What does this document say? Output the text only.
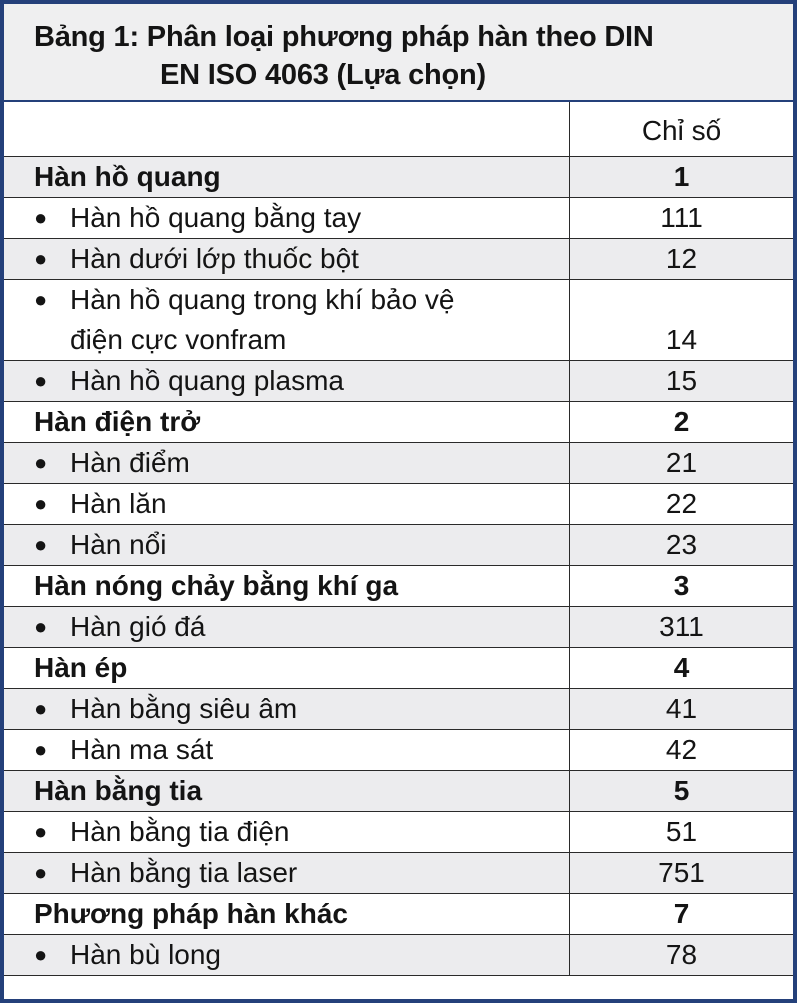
Bảng 1: Phân loại phương pháp hàn theo DIN
EN ISO 4063 (Lựa chọn)
Chỉ số
Hàn hồ quang	1
● Hàn hồ quang bằng tay	111
● Hàn dưới lớp thuốc bột	12
● Hàn hồ quang trong khí bảo vệ
điện cực vonfram	14
● Hàn hồ quang plasma	15
Hàn điện trở	2
● Hàn điểm	21
● Hàn lăn	22
● Hàn nổi	23
Hàn nóng chảy bằng khí ga	3
● Hàn gió đá	311
Hàn ép	4
● Hàn bằng siêu âm	41
● Hàn ma sát	42
Hàn bằng tia	5
● Hàn bằng tia điện	51
● Hàn bằng tia laser	751
Phương pháp hàn khác	7
● Hàn bù long	78
